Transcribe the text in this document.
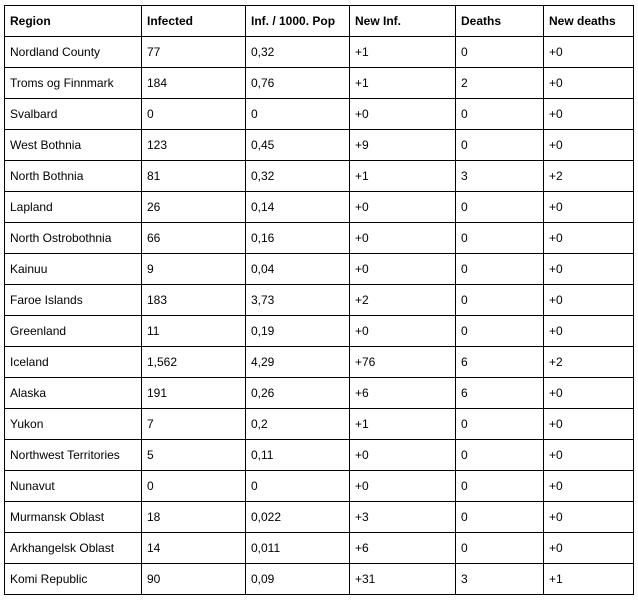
Region	Infected	Inf. / 1000. Pop	New Inf.	Deaths	New deaths
Nordland County	77	0,32	+1	0	+0
Troms og Finnmark	184	0,76	+1	2	+0
Svalbard	0	0	+0	0	+0
West Bothnia	123	0,45	+9	0	+0
North Bothnia	81	0,32	+1	3	+2
Lapland	26	0,14	+0	0	+0
North Ostrobothnia	66	0,16	+0	0	+0
Kainuu	9	0,04	+0	0	+0
Faroe Islands	183	3,73	+2	0	+0
Greenland	11	0,19	+0	0	+0
Iceland	1,562	4,29	+76	6	+2
Alaska	191	0,26	+6	6	+0
Yukon	7	0,2	+1	0	+0
Northwest Territories	5	0,11	+0	0	+0
Nunavut	0	0	+0	0	+0
Murmansk Oblast	18	0,022	+3	0	+0
Arkhangelsk Oblast	14	0,011	+6	0	+0
Komi Republic	90	0,09	+31	3	+1
